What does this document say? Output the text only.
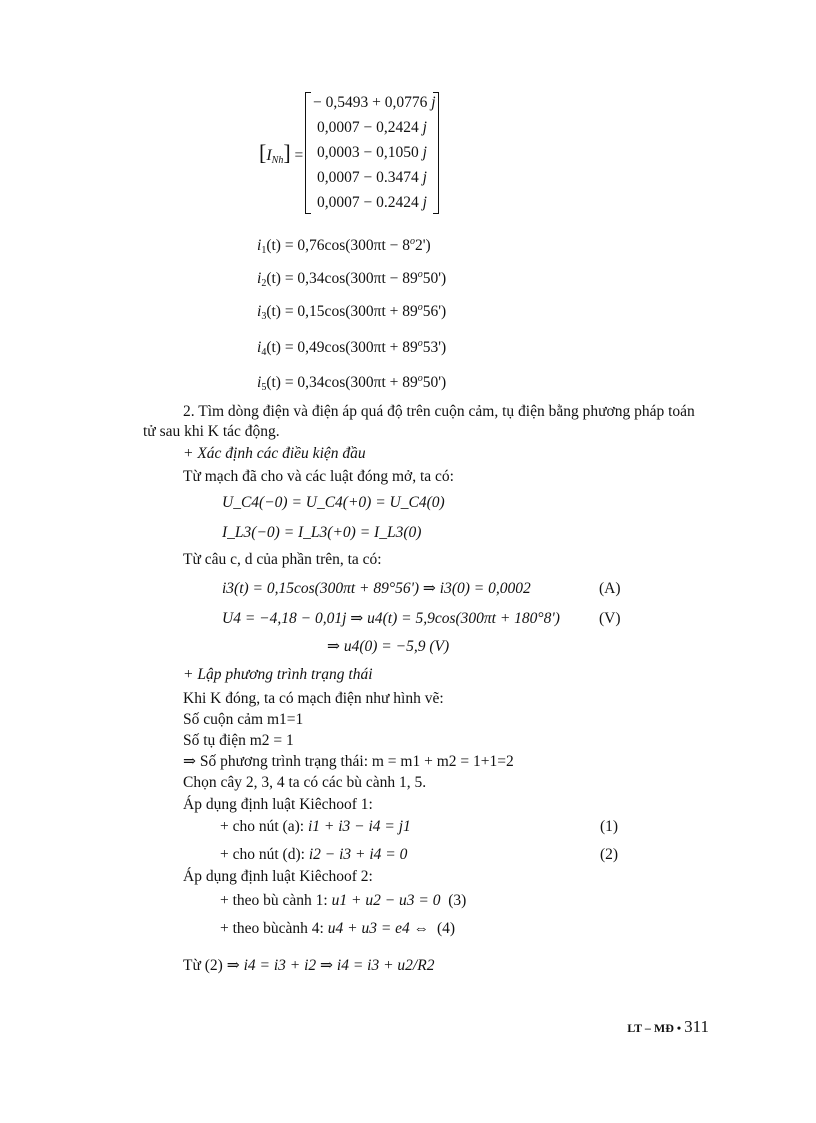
$[I_{Nh}]$ =
− 0,5493 + 0,0776 j
0,0007 − 0,2424 j
0,0003 − 0,1050 j
0,0007 − 0.3474 j
0,0007 − 0.2424 j
$i_1(t) = 0,76\cos(300\pi t - 8^o2')$
$i_2(t) = 0,34\cos(300\pi t - 89^o50')$
$i_3(t) = 0,15\cos(300\pi t + 89^o56')$
$i_4(t) = 0,49\cos(300\pi t + 89^o53')$
$i_5(t) = 0,34\cos(300\pi t + 89^o50')$
2. Tìm dòng điện và điện áp quá độ trên cuộn cảm, tụ điện bằng phương pháp toán
tử sau khi K tác động.
+ Xác định các điều kiện đầu
Từ mạch đã cho và các luật đóng mở, ta có:
U_C4(−0) = U_C4(+0) = U_C4(0)
I_L3(−0) = I_L3(+0) = I_L3(0)
Từ câu c, d của phần trên, ta có:
i3(t) = 0,15cos(300πt + 89°56') ⇒ i3(0) = 0,0002	(A)
U4 = −4,18 − 0,01j ⇒ u4(t) = 5,9cos(300πt + 180°8')	(V)
⇒ u4(0) = −5,9 (V)
+ Lập phương trình trạng thái
Khi K đóng, ta có mạch điện như hình vẽ:
Số cuộn cảm m1=1
Số tụ điện m2 = 1
⇒ Số phương trình trạng thái: m = m1 + m2 = 1+1=2
Chọn cây 2, 3, 4 ta có các bù cành 1, 5.
Áp dụng định luật Kiêchoof 1:
+ cho nút (a): i1 + i3 − i4 = j1	(1)
+ cho nút (d): i2 − i3 + i4 = 0	(2)
Áp dụng định luật Kiêchoof 2:
+ theo bù cành 1: u1 + u2 − u3 = 0 (3)
+ theo bùcành 4: u4 + u3 = e4 ⇔ (4)
Từ (2) ⇒ i4 = i3 + i2 ⇒ i4 = i3 + u2/R2
LT – MĐ • 311
